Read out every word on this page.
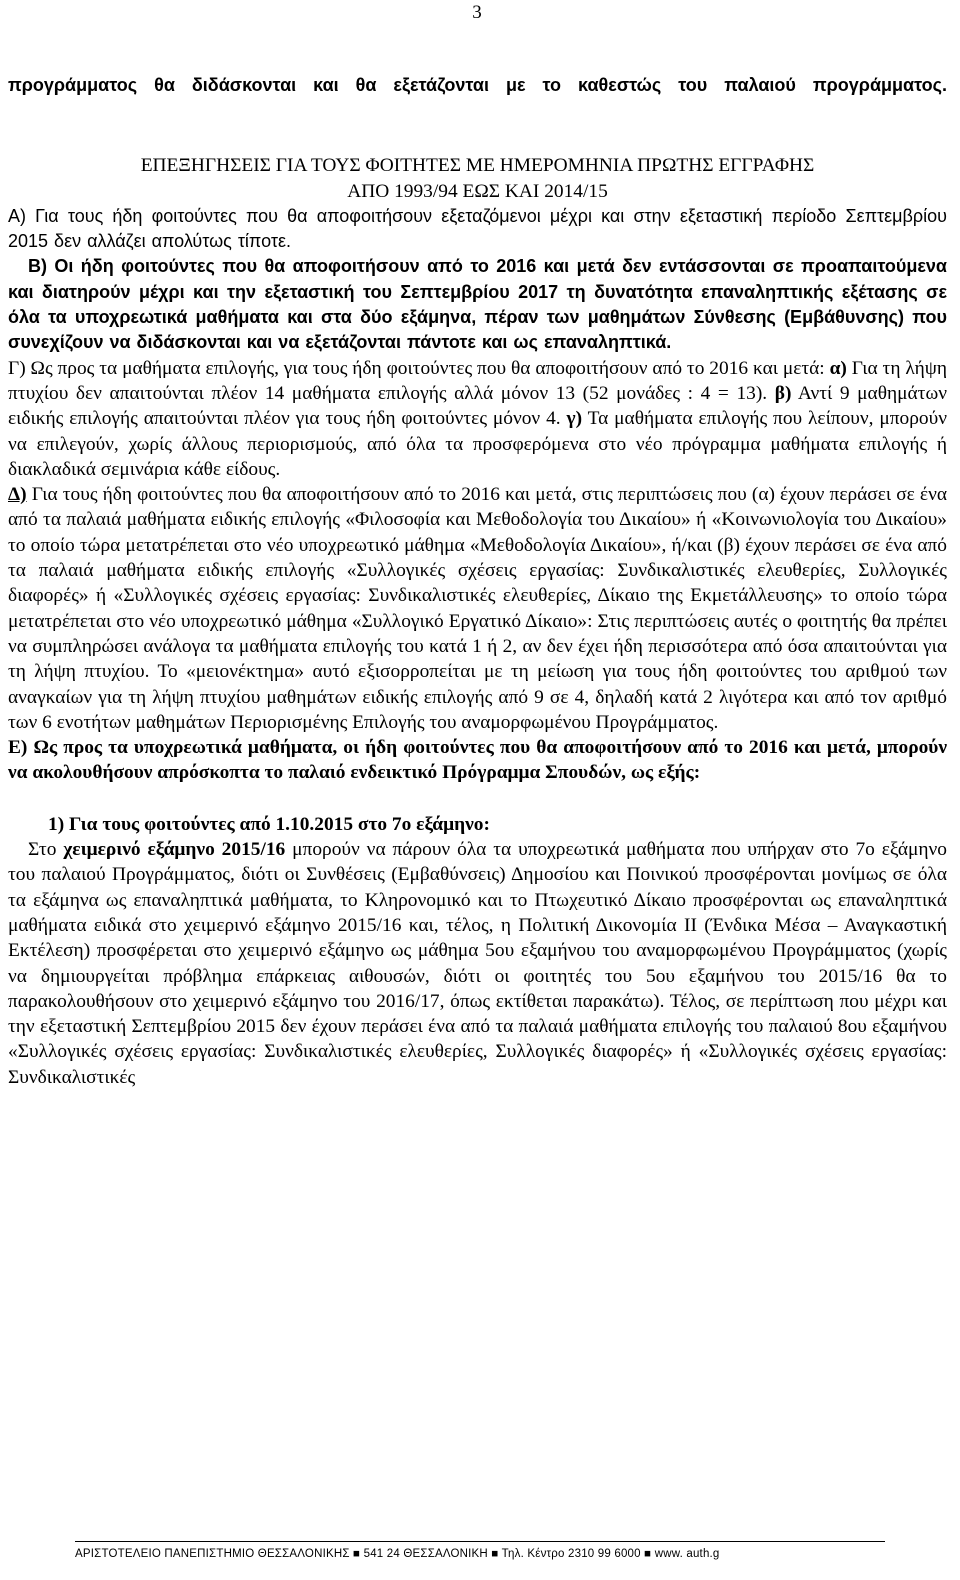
3

προγράμματος θα διδάσκονται και θα εξετάζονται με το καθεστώς του παλαιού προγράμματος.

ΕΠΕΞΗΓΗΣΕΙΣ ΓΙΑ ΤΟΥΣ ΦΟΙΤΗΤΕΣ ΜΕ ΗΜΕΡΟΜΗΝΙΑ ΠΡΩΤΗΣ ΕΓΓΡΑΦΗΣ
ΑΠΟ 1993/94 ΕΩΣ ΚΑΙ 2014/15

Α) Για τους ήδη φοιτούντες που θα αποφοιτήσουν εξεταζόμενοι μέχρι και στην εξεταστική περίοδο Σεπτεμβρίου 2015 δεν αλλάζει απολύτως τίποτε.

Β) Οι ήδη φοιτούντες που θα αποφοιτήσουν από το 2016 και μετά δεν εντάσσονται σε προαπαιτούμενα και διατηρούν μέχρι και την εξεταστική του Σεπτεμβρίου 2017 τη δυνατότητα επαναληπτικής εξέτασης σε όλα τα υποχρεωτικά μαθήματα και στα δύο εξάμηνα, πέραν των μαθημάτων Σύνθεσης (Εμβάθυνσης) που συνεχίζουν να διδάσκονται και να εξετάζονται πάντοτε και ως επαναληπτικά.

Γ) Ως προς τα μαθήματα επιλογής, για τους ήδη φοιτούντες που θα αποφοιτήσουν από το 2016 και μετά: α) Για τη λήψη πτυχίου δεν απαιτούνται πλέον 14 μαθήματα επιλογής αλλά μόνον 13 (52 μονάδες : 4 = 13). β) Αντί 9 μαθημάτων ειδικής επιλογής απαιτούνται πλέον για τους ήδη φοιτούντες μόνον 4. γ) Τα μαθήματα επιλογής που λείπουν, μπορούν να επιλεγούν, χωρίς άλλους περιορισμούς, από όλα τα προσφερόμενα στο νέο πρόγραμμα μαθήματα επιλογής ή διακλαδικά σεμινάρια κάθε είδους.

Δ) Για τους ήδη φοιτούντες που θα αποφοιτήσουν από το 2016 και μετά, στις περιπτώσεις που (α) έχουν περάσει σε ένα από τα παλαιά μαθήματα ειδικής επιλογής «Φιλοσοφία και Μεθοδολογία του Δικαίου» ή «Κοινωνιολογία του Δικαίου» το οποίο τώρα μετατρέπεται στο νέο υποχρεωτικό μάθημα «Μεθοδολογία Δικαίου», ή/και (β) έχουν περάσει σε ένα από τα παλαιά μαθήματα ειδικής επιλογής «Συλλογικές σχέσεις εργασίας: Συνδικαλιστικές ελευθερίες, Συλλογικές διαφορές» ή «Συλλογικές σχέσεις εργασίας: Συνδικαλιστικές ελευθερίες, Δίκαιο της Εκμετάλλευσης» το οποίο τώρα μετατρέπεται στο νέο υποχρεωτικό μάθημα «Συλλογικό Εργατικό Δίκαιο»: Στις περιπτώσεις αυτές ο φοιτητής θα πρέπει να συμπληρώσει ανάλογα τα μαθήματα επιλογής του κατά 1 ή 2, αν δεν έχει ήδη περισσότερα από όσα απαιτούνται για τη λήψη πτυχίου. Το «μειονέκτημα» αυτό εξισορροπείται με τη μείωση για τους ήδη φοιτούντες του αριθμού των αναγκαίων για τη λήψη πτυχίου μαθημάτων ειδικής επιλογής από 9 σε 4, δηλαδή κατά 2 λιγότερα και από τον αριθμό των 6 ενοτήτων μαθημάτων Περιορισμένης Επιλογής του αναμορφωμένου Προγράμματος.

Ε) Ως προς τα υποχρεωτικά μαθήματα, οι ήδη φοιτούντες που θα αποφοιτήσουν από το 2016 και μετά, μπορούν να ακολουθήσουν απρόσκοπτα το παλαιό ενδεικτικό Πρόγραμμα Σπουδών, ως εξής:

1) Για τους φοιτούντες από 1.10.2015 στο 7ο εξάμηνο:

Στο χειμερινό εξάμηνο 2015/16 μπορούν να πάρουν όλα τα υποχρεωτικά μαθήματα που υπήρχαν στο 7ο εξάμηνο του παλαιού Προγράμματος, διότι οι Συνθέσεις (Εμβαθύνσεις) Δημοσίου και Ποινικού προσφέρονται μονίμως σε όλα τα εξάμηνα ως επαναληπτικά μαθήματα, το Κληρονομικό και το Πτωχευτικό Δίκαιο προσφέρονται ως επαναληπτικά μαθήματα ειδικά στο χειμερινό εξάμηνο 2015/16 και, τέλος, η Πολιτική Δικονομία ΙΙ (Ένδικα Μέσα – Αναγκαστική Εκτέλεση) προσφέρεται στο χειμερινό εξάμηνο ως μάθημα 5ου εξαμήνου του αναμορφωμένου Προγράμματος (χωρίς να δημιουργείται πρόβλημα επάρκειας αιθουσών, διότι οι φοιτητές του 5ου εξαμήνου του 2015/16 θα το παρακολουθήσουν στο χειμερινό εξάμηνο του 2016/17, όπως εκτίθεται παρακάτω). Τέλος, σε περίπτωση που μέχρι και την εξεταστική Σεπτεμβρίου 2015 δεν έχουν περάσει ένα από τα παλαιά μαθήματα επιλογής του παλαιού 8ου εξαμήνου «Συλλογικές σχέσεις εργασίας: Συνδικαλιστικές ελευθερίες, Συλλογικές διαφορές» ή «Συλλογικές σχέσεις εργασίας: Συνδικαλιστικές

ΑΡΙΣΤΟΤΕΛΕΙΟ ΠΑΝΕΠΙΣΤΗΜΙΟ ΘΕΣΣΑΛΟΝΙΚΗΣ ■ 541 24 ΘΕΣΣΑΛΟΝΙΚΗ ■ Τηλ. Κέντρο 2310 99 6000 ■ www. auth.g
